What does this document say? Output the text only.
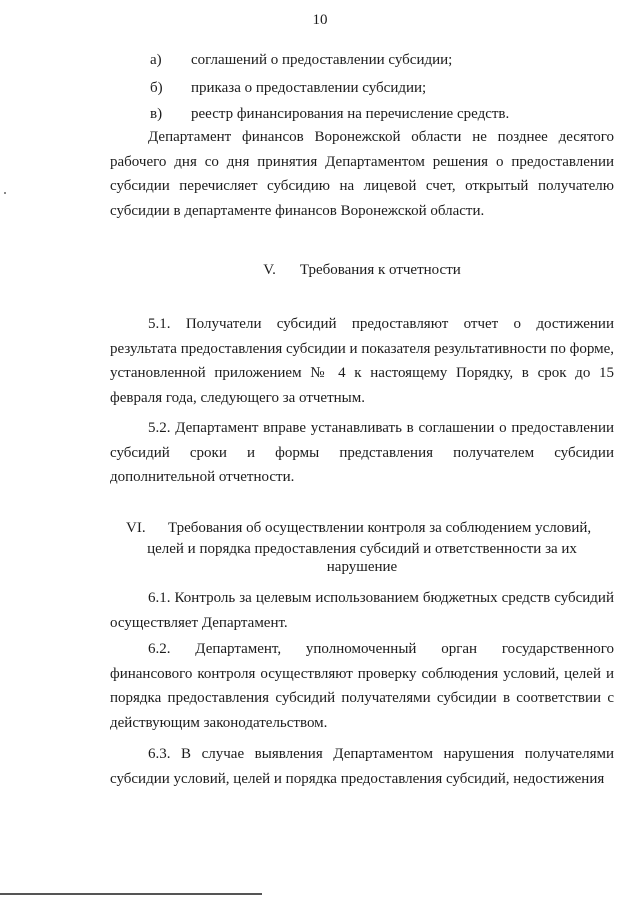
10
а) соглашений о предоставлении субсидии;
б) приказа о предоставлении субсидии;
в) реестр финансирования на перечисление средств.

Департамент финансов Воронежской области не позднее десятого рабочего дня со дня принятия Департаментом решения о предоставлении субсидии перечисляет субсидию на лицевой счет, открытый получателю субсидии в департаменте финансов Воронежской области.

V. Требования к отчетности

5.1. Получатели субсидий предоставляют отчет о достижении результата предоставления субсидии и показателя результативности по форме, установленной приложением № 4 к настоящему Порядку, в срок до 15 февраля года, следующего за отчетным.

5.2. Департамент вправе устанавливать в соглашении о предоставлении субсидий сроки и формы представления получателем субсидии дополнительной отчетности.

VI. Требования об осуществлении контроля за соблюдением условий,
целей и порядка предоставления субсидий и ответственности за их
нарушение

6.1. Контроль за целевым использованием бюджетных средств субсидий осуществляет Департамент.

6.2. Департамент, уполномоченный орган государственного финансового контроля осуществляют проверку соблюдения условий, целей и порядка предоставления субсидий получателями субсидии в соответствии с действующим законодательством.

6.3. В случае выявления Департаментом нарушения получателями субсидии условий, целей и порядка предоставления субсидий, недостижения
